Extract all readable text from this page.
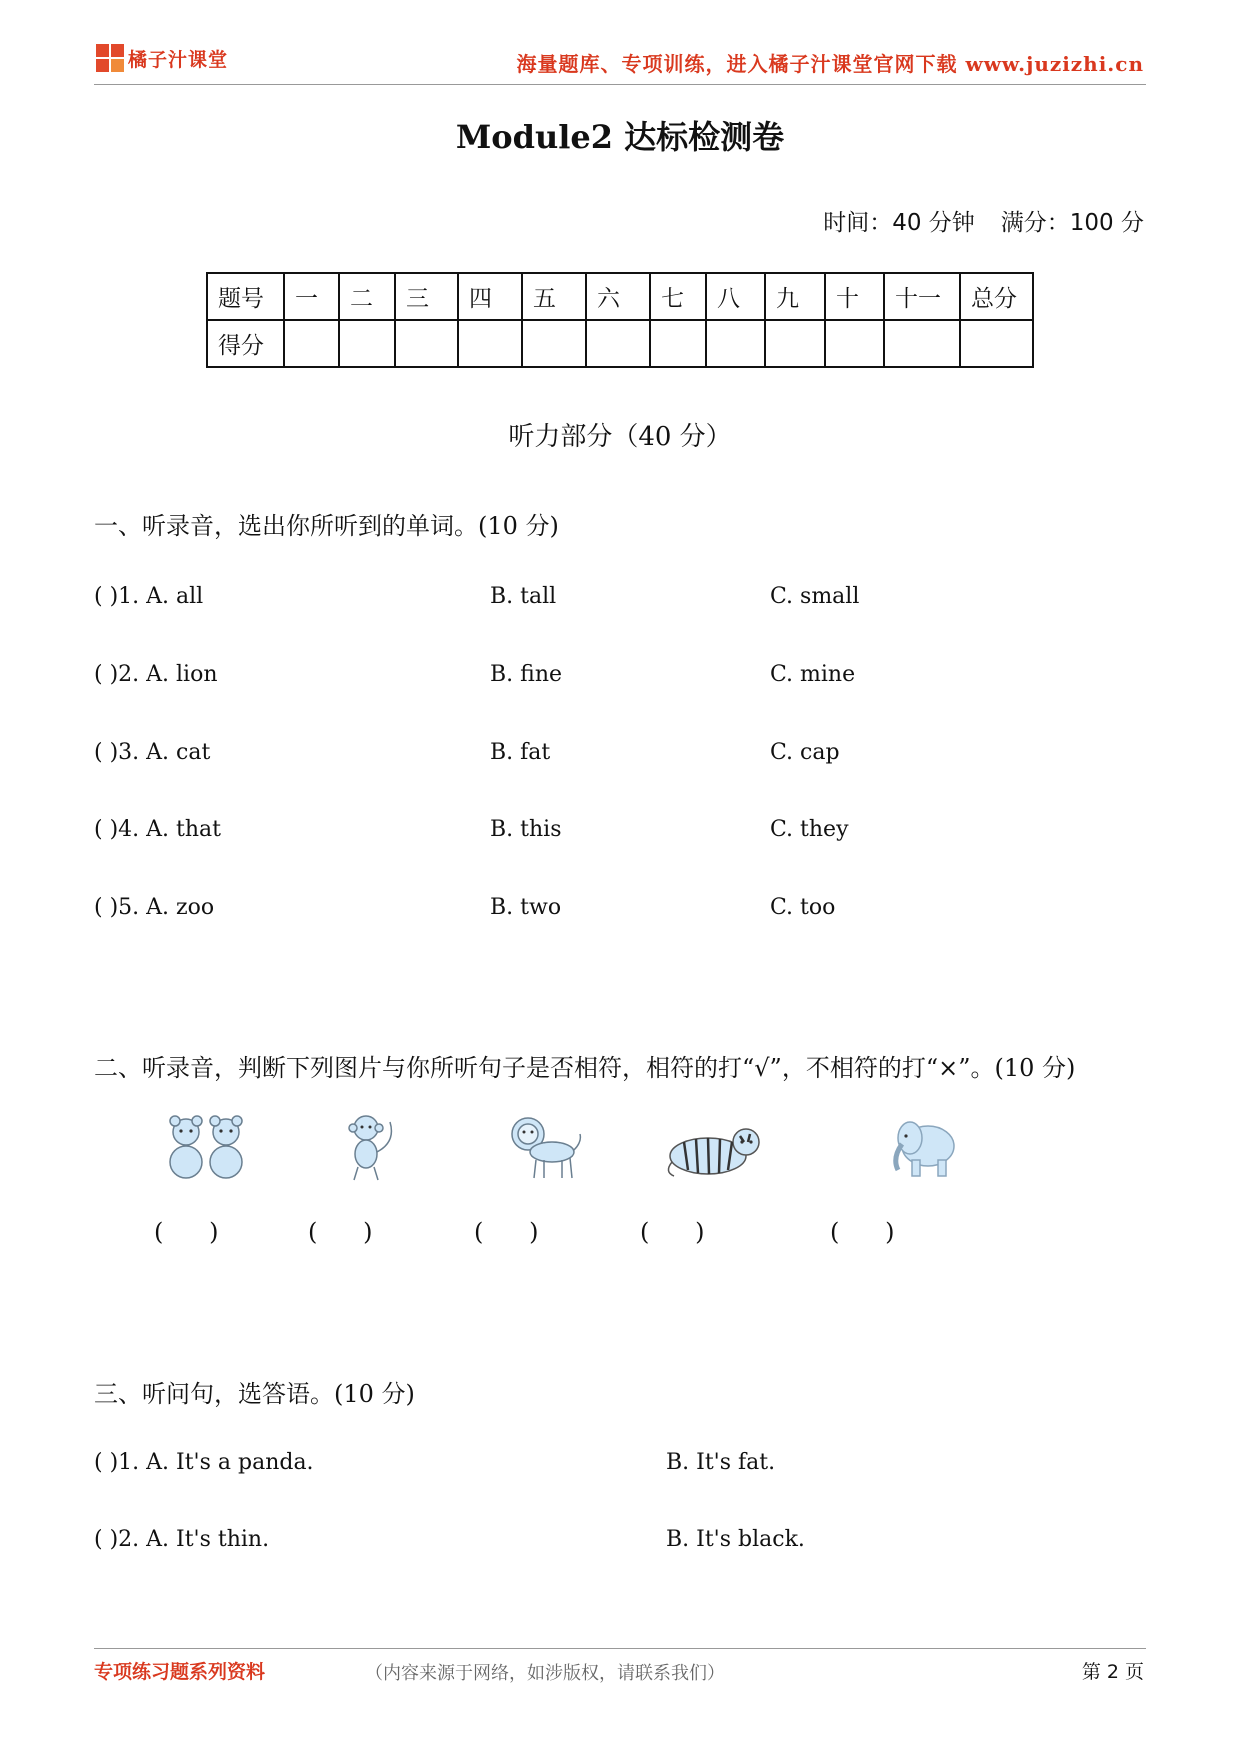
橘子汁课堂	海量题库、专项训练，进入橘子汁课堂官网下载 www.juzizhi.cn
Module2 达标检测卷
时间：40 分钟 满分：100 分
题号	一	二	三	四	五	六	七	八	九	十	十一	总分
得分												
听力部分（40 分）
一、听录音，选出你所听到的单词。(10 分)
( )1. A. all	B. tall	C. small
( )2. A. lion	B. fine	C. mine
( )3. A. cat	B. fat	C. cap
( )4. A. that	B. this	C. they
( )5. A. zoo	B. two	C. too
二、听录音，判断下列图片与你所听句子是否相符，相符的打“√”，不相符的打“×”。(10 分)
(      )	(      )	(      )	(      )	(      )
三、听问句，选答语。(10 分)
( )1. A. It's a panda.	B. It's fat.
( )2. A. It's thin.	B. It's black.
专项练习题系列资料	（内容来源于网络，如涉版权，请联系我们）	第 2 页
